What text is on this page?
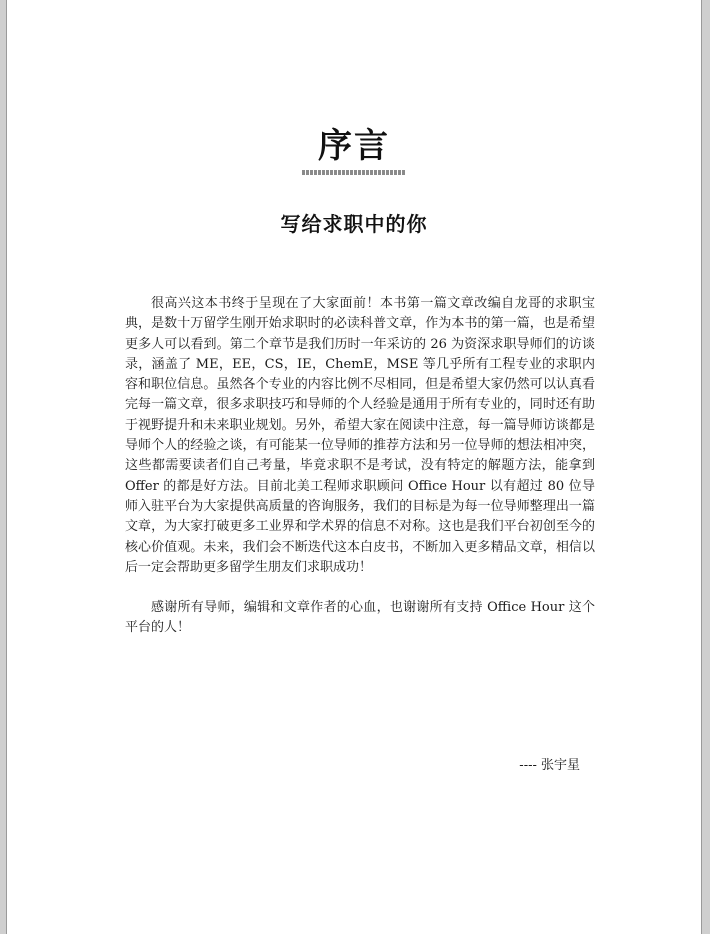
序言
写给求职中的你

很高兴这本书终于呈现在了大家面前！本书第一篇文章改编自龙哥的求职宝典，是数十万留学生刚开始求职时的必读科普文章，作为本书的第一篇，也是希望更多人可以看到。第二个章节是我们历时一年采访的 26 为资深求职导师们的访谈录，涵盖了 ME，EE，CS，IE，ChemE，MSE 等几乎所有工程专业的求职内容和职位信息。虽然各个专业的内容比例不尽相同，但是希望大家仍然可以认真看完每一篇文章，很多求职技巧和导师的个人经验是通用于所有专业的，同时还有助于视野提升和未来职业规划。另外，希望大家在阅读中注意，每一篇导师访谈都是导师个人的经验之谈，有可能某一位导师的推荐方法和另一位导师的想法相冲突，这些都需要读者们自己考量，毕竟求职不是考试，没有特定的解题方法，能拿到 Offer 的都是好方法。目前北美工程师求职顾问 Office Hour 以有超过 80 位导师入驻平台为大家提供高质量的咨询服务，我们的目标是为每一位导师整理出一篇文章，为大家打破更多工业界和学术界的信息不对称。这也是我们平台初创至今的核心价值观。未来，我们会不断迭代这本白皮书，不断加入更多精品文章，相信以后一定会帮助更多留学生朋友们求职成功！

感谢所有导师，编辑和文章作者的心血，也谢谢所有支持 Office Hour 这个平台的人！

---- 张宇星
